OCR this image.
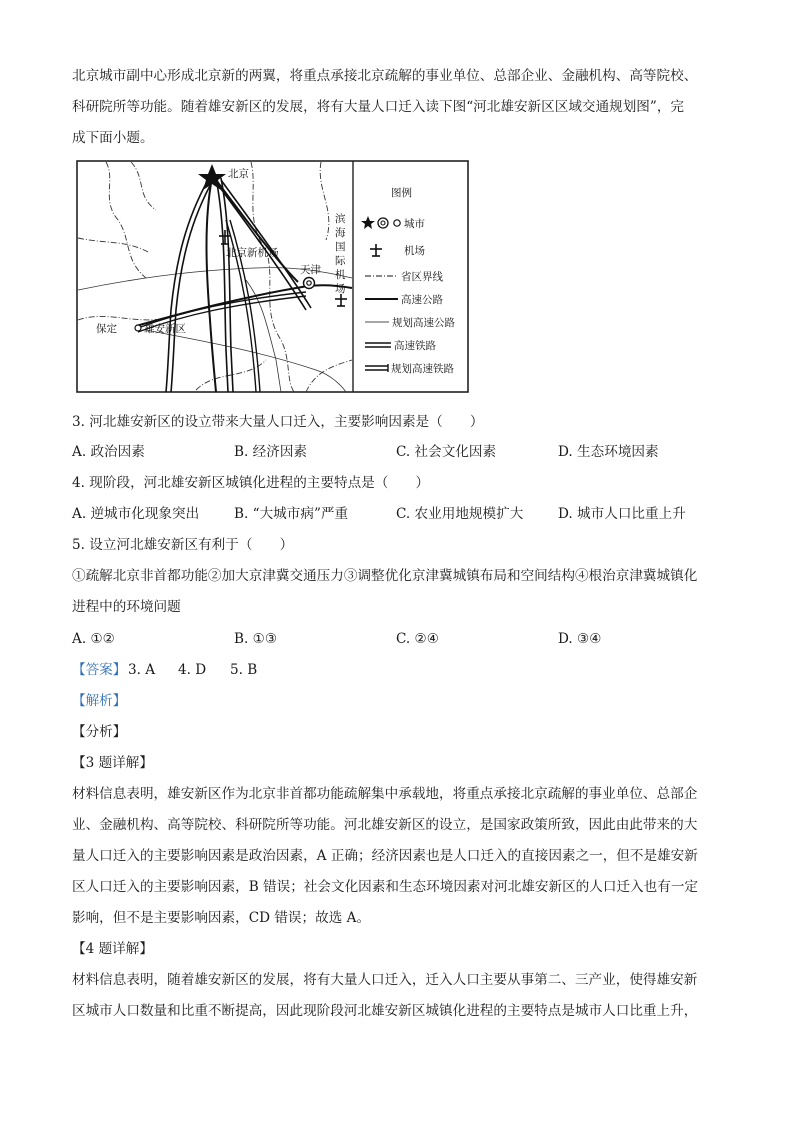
北京城市副中心形成北京新的两翼，将重点承接北京疏解的事业单位、总部企业、金融机构、高等院校、
科研院所等功能。随着雄安新区的发展，将有大量人口迁入读下图“河北雄安新区区域交通规划图”，完
成下面小题。
北京
北京新机场
天津
滨
海
国
际
机
场
保定	雄安新区
图例
城市
机场
省区界线
高速公路
规划高速公路
高速铁路
规划高速铁路
3. 河北雄安新区的设立带来大量人口迁入，主要影响因素是（　　）
A. 政治因素	B. 经济因素	C. 社会文化因素	D. 生态环境因素
4. 现阶段，河北雄安新区城镇化进程的主要特点是（　　）
A. 逆城市化现象突出	B. “大城市病”严重	C. 农业用地规模扩大	D. 城市人口比重上升
5. 设立河北雄安新区有利于（　　）
①疏解北京非首都功能②加大京津冀交通压力③调整优化京津冀城镇布局和空间结构④根治京津冀城镇化
进程中的环境问题
A. ①②	B. ①③	C. ②④	D. ③④
【答案】 3. A 4. D 5. B
【解析】
【分析】
【3 题详解】
材料信息表明，雄安新区作为北京非首都功能疏解集中承载地，将重点承接北京疏解的事业单位、总部企
业、金融机构、高等院校、科研院所等功能。河北雄安新区的设立，是国家政策所致，因此由此带来的大
量人口迁入的主要影响因素是政治因素，A 正确；经济因素也是人口迁入的直接因素之一，但不是雄安新
区人口迁入的主要影响因素，B 错误；社会文化因素和生态环境因素对河北雄安新区的人口迁入也有一定
影响，但不是主要影响因素，CD 错误；故选 A。
【4 题详解】
材料信息表明，随着雄安新区的发展，将有大量人口迁入，迁入人口主要从事第二、三产业，使得雄安新
区城市人口数量和比重不断提高，因此现阶段河北雄安新区城镇化进程的主要特点是城市人口比重上升，
